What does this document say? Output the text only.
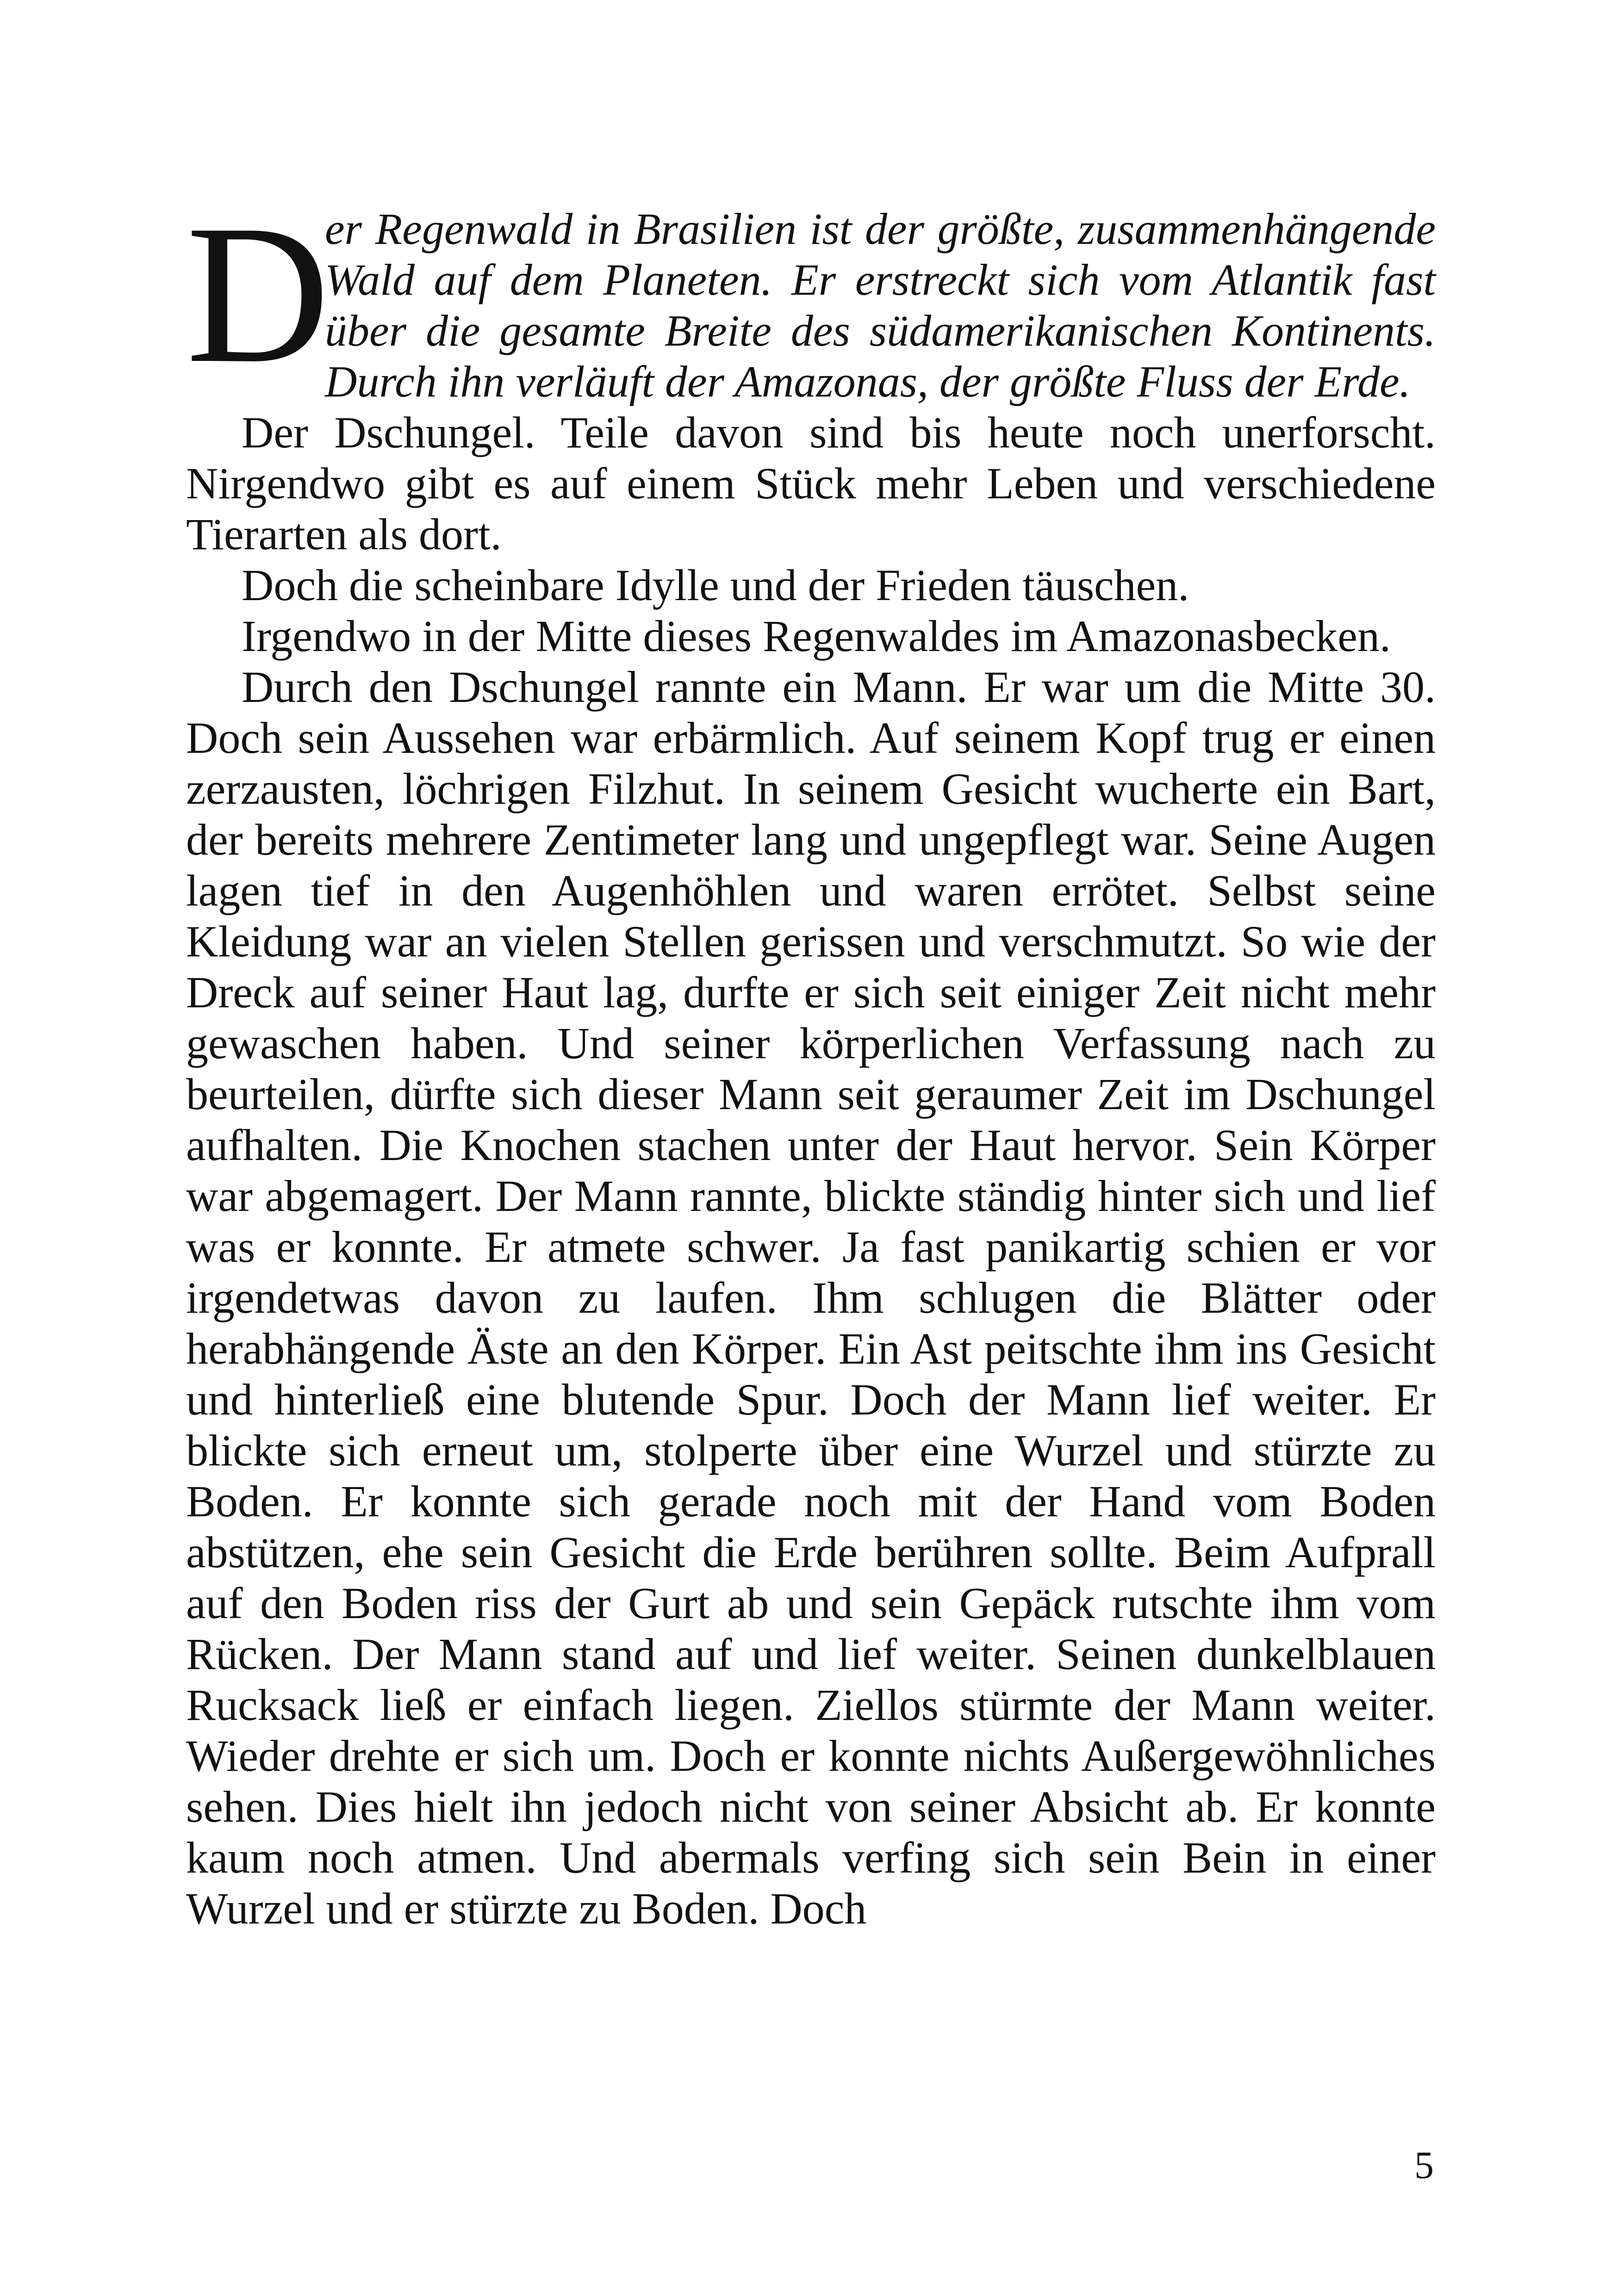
D
er Regenwald in Brasilien ist der größte, zusammenhängende Wald auf dem Planeten. Er erstreckt sich vom Atlantik fast über die gesamte Breite des südamerikanischen Kontinents. Durch ihn verläuft der Amazonas, der größte Fluss der Erde.

Der Dschungel. Teile davon sind bis heute noch unerforscht. Nirgendwo gibt es auf einem Stück mehr Leben und verschiedene Tierarten als dort.

Doch die scheinbare Idylle und der Frieden täuschen.

Irgendwo in der Mitte dieses Regenwaldes im Amazonasbecken.

Durch den Dschungel rannte ein Mann. Er war um die Mitte 30. Doch sein Aussehen war erbärmlich. Auf seinem Kopf trug er einen zerzausten, löchrigen Filzhut. In seinem Gesicht wucherte ein Bart, der bereits mehrere Zentimeter lang und ungepflegt war. Seine Augen lagen tief in den Augenhöhlen und waren errötet. Selbst seine Kleidung war an vielen Stellen gerissen und verschmutzt. So wie der Dreck auf seiner Haut lag, durfte er sich seit einiger Zeit nicht mehr gewaschen haben. Und seiner körperlichen Verfassung nach zu beurteilen, dürfte sich dieser Mann seit geraumer Zeit im Dschungel aufhalten. Die Knochen stachen unter der Haut hervor. Sein Körper war abgemagert. Der Mann rannte, blickte ständig hinter sich und lief was er konnte. Er atmete schwer. Ja fast panikartig schien er vor irgendetwas davon zu laufen. Ihm schlugen die Blätter oder herabhängende Äste an den Körper. Ein Ast peitschte ihm ins Gesicht und hinterließ eine blutende Spur. Doch der Mann lief weiter. Er blickte sich erneut um, stolperte über eine Wurzel und stürzte zu Boden. Er konnte sich gerade noch mit der Hand vom Boden abstützen, ehe sein Gesicht die Erde berühren sollte. Beim Aufprall auf den Boden riss der Gurt ab und sein Gepäck rutschte ihm vom Rücken. Der Mann stand auf und lief weiter. Seinen dunkelblauen Rucksack ließ er einfach liegen. Ziellos stürmte der Mann weiter. Wieder drehte er sich um. Doch er konnte nichts Außergewöhnliches sehen. Dies hielt ihn jedoch nicht von seiner Absicht ab. Er konnte kaum noch atmen. Und abermals verfing sich sein Bein in einer Wurzel und er stürzte zu Boden. Doch

5
